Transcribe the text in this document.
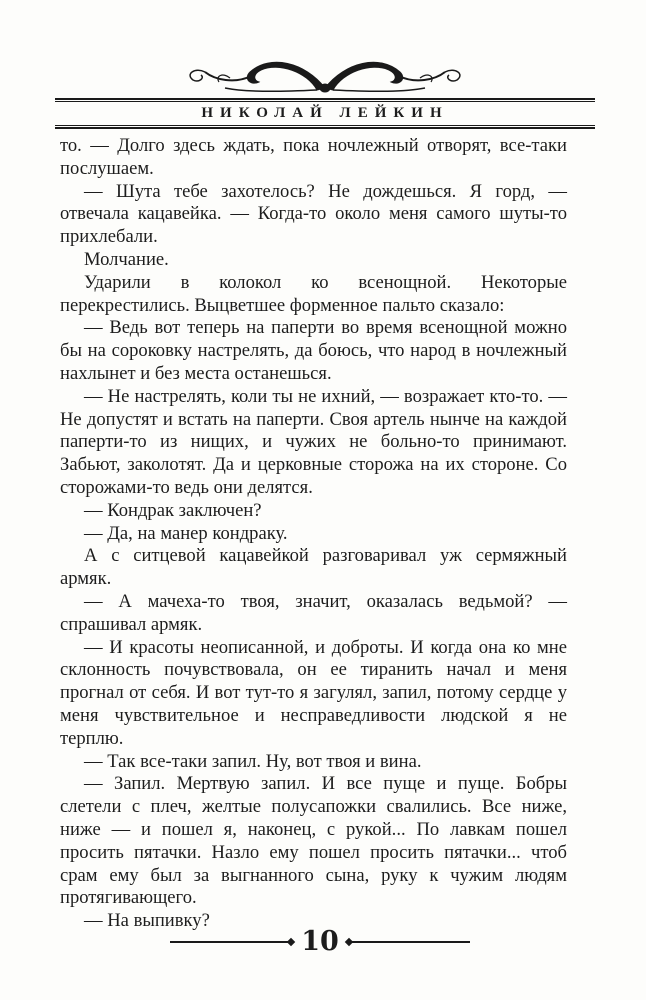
НИКОЛАЙ ЛЕЙКИН

то. — Долго здесь ждать, пока ночлежный отворят, все-таки послушаем.

— Шута тебе захотелось? Не дождешься. Я горд, — отвечала кацавейка. — Когда-то около меня самого шуты-то прихлебали.

Молчание.

Ударили в колокол ко всенощной. Некоторые перекрестились. Выцветшее форменное пальто сказало:

— Ведь вот теперь на паперти во время всенощной можно бы на сороковку настрелять, да боюсь, что народ в ночлежный нахлынет и без места останешься.

— Не настрелять, коли ты не ихний, — возражает кто-то. — Не допустят и встать на паперти. Своя артель нынче на каждой паперти-то из нищих, и чужих не больно-то принимают. Забьют, заколотят. Да и церковные сторожа на их стороне. Со сторожами-то ведь они делятся.

— Кондрак заключен?

— Да, на манер кондраку.

А с ситцевой кацавейкой разговаривал уж сермяжный армяк.

— А мачеха-то твоя, значит, оказалась ведьмой? — спрашивал армяк.

— И красоты неописанной, и доброты. И когда она ко мне склонность почувствовала, он ее тиранить начал и меня прогнал от себя. И вот тут-то я загулял, запил, потому сердце у меня чувствительное и несправедливости людской я не терплю.

— Так все-таки запил. Ну, вот твоя и вина.

— Запил. Мертвую запил. И все пуще и пуще. Бобры слетели с плеч, желтые полусапожки свалились. Все ниже, ниже — и пошел я, наконец, с рукой... По лавкам пошел просить пятачки. Назло ему пошел просить пятачки... чтоб срам ему был за выгнанного сына, руку к чужим людям протягивающего.

— На выпивку?

10
